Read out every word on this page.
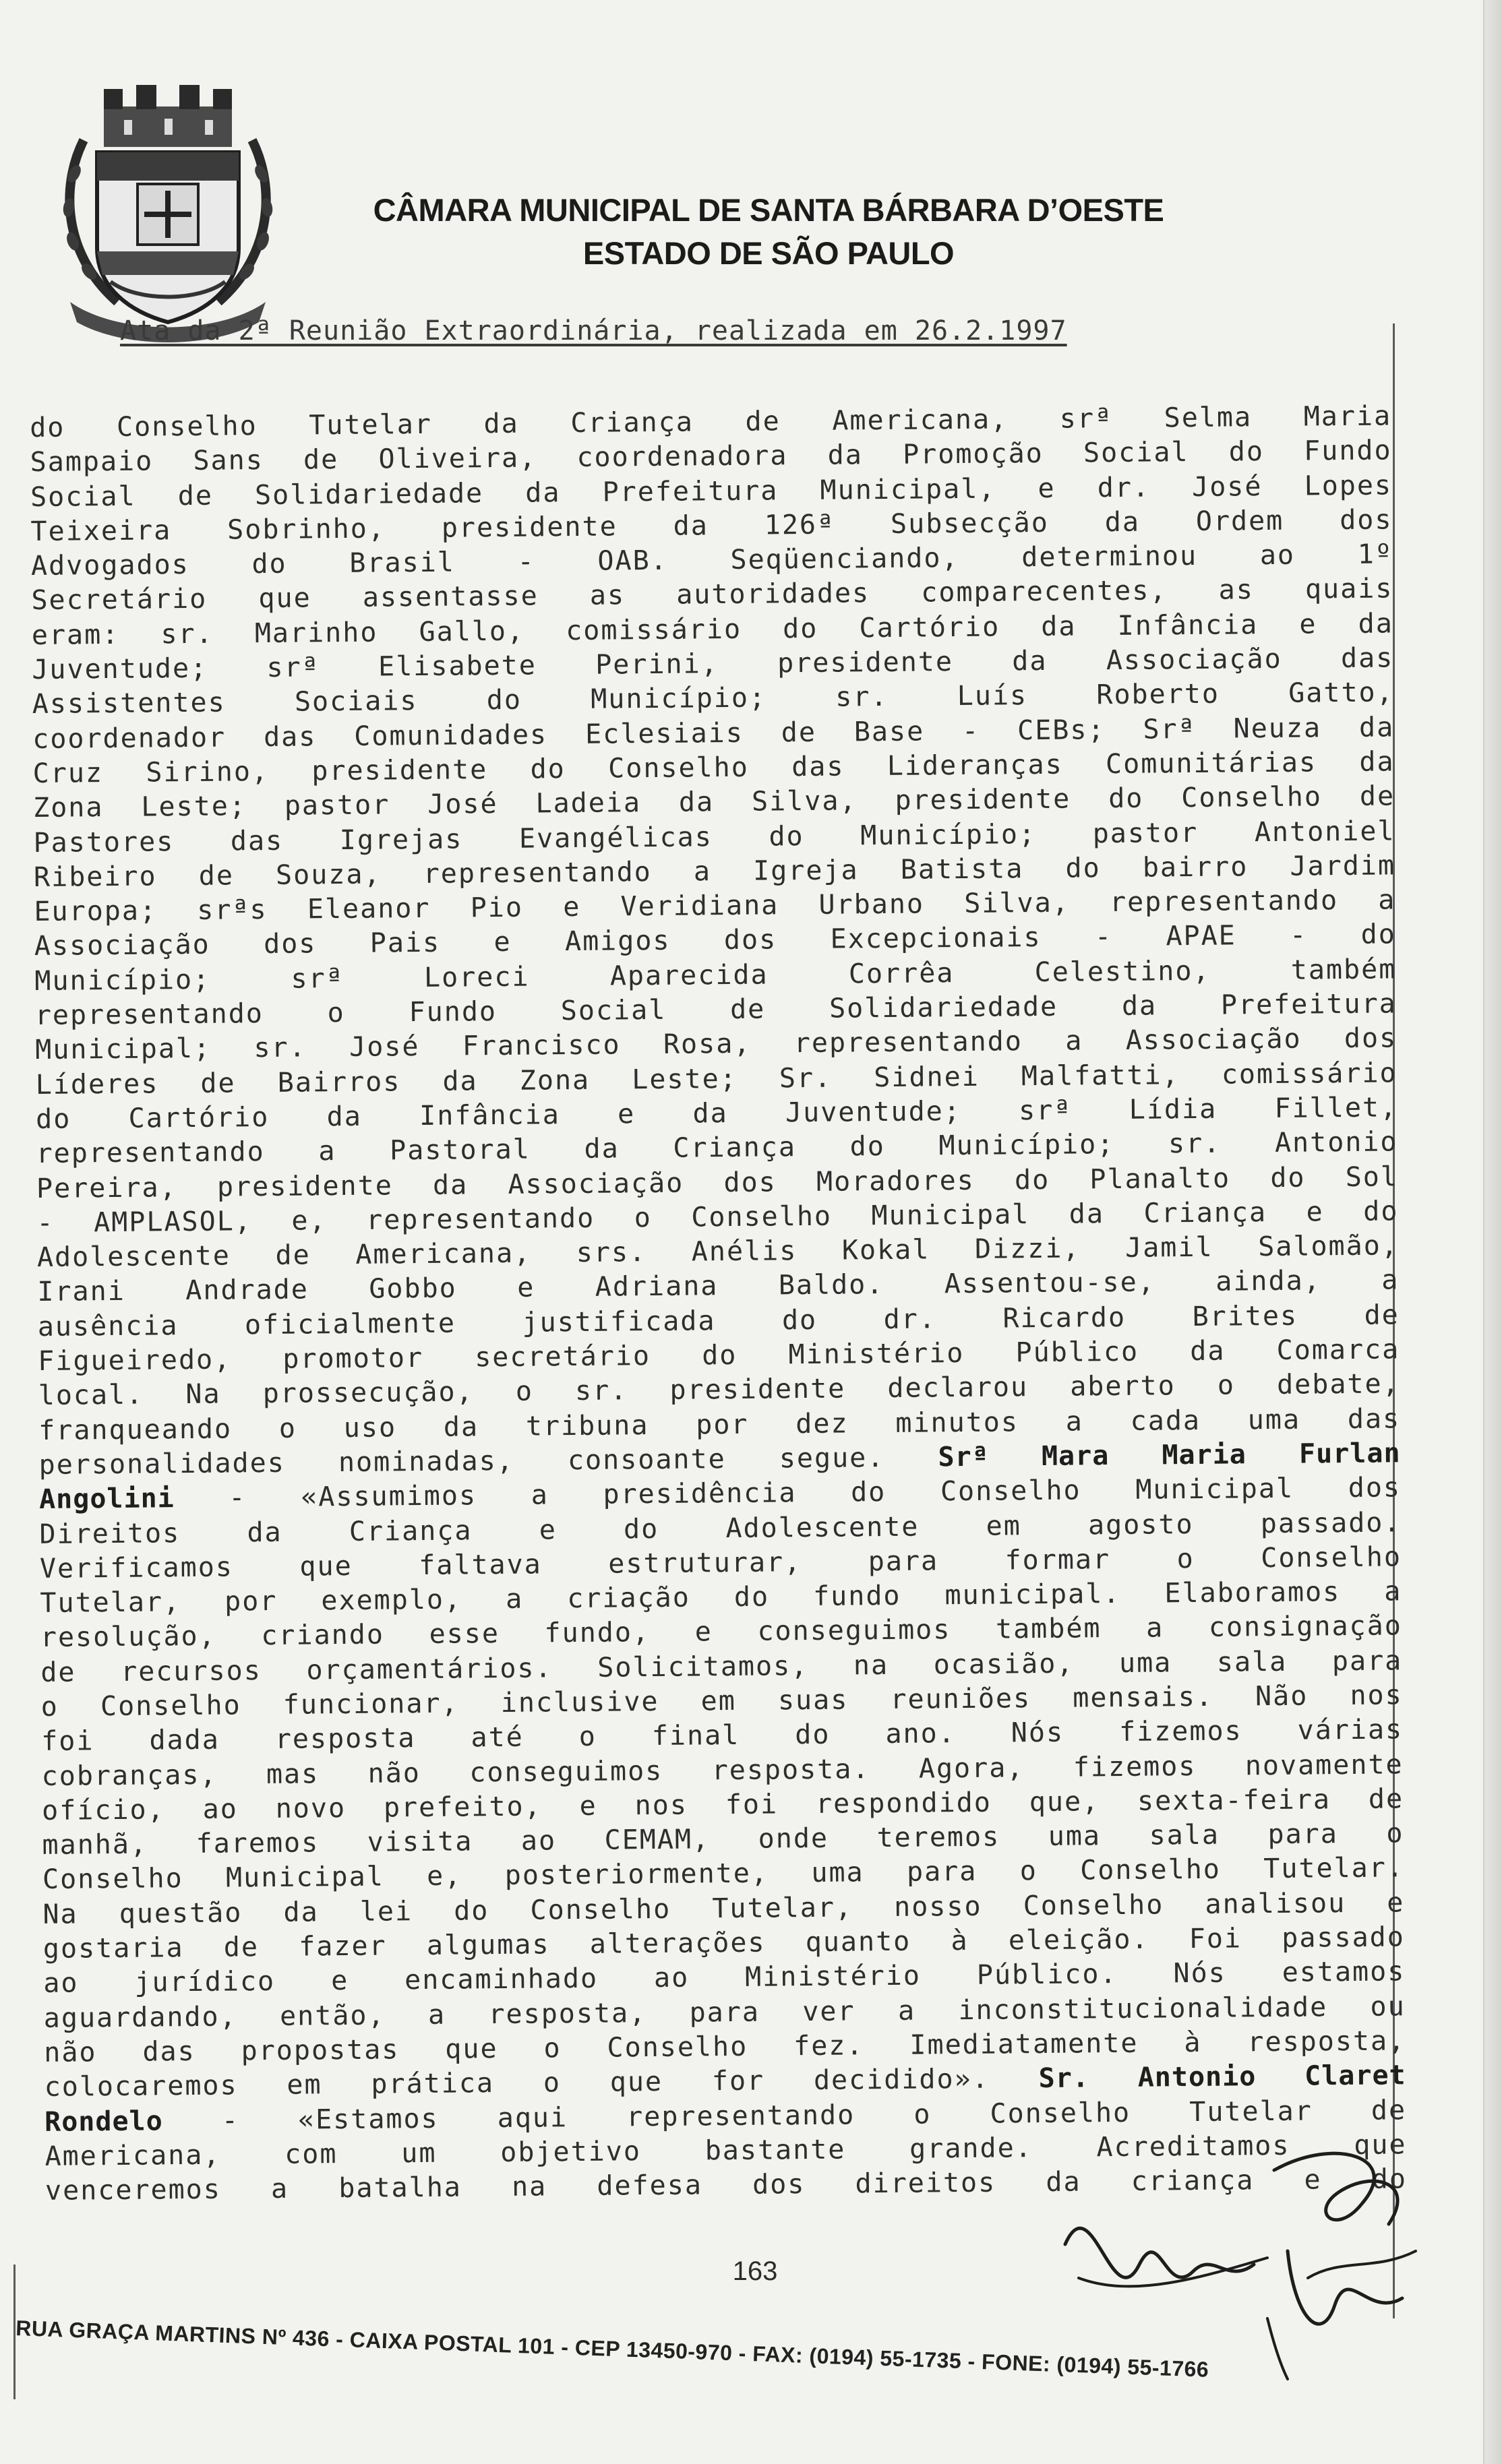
CÂMARA MUNICIPAL DE SANTA BÁRBARA D’OESTE
ESTADO DE SÃO PAULO
Ata da 2ª Reunião Extraordinária, realizada em 26.2.1997
do Conselho Tutelar da Criança de Americana, srª Selma Maria
Sampaio Sans de Oliveira, coordenadora da Promoção Social do Fundo
Social de Solidariedade da Prefeitura Municipal, e dr. José Lopes
Teixeira Sobrinho, presidente da 126ª Subsecção da Ordem dos
Advogados do Brasil - OAB. Seqüenciando, determinou ao 1º
Secretário que assentasse as autoridades comparecentes, as quais
eram: sr. Marinho Gallo, comissário do Cartório da Infância e da
Juventude; srª Elisabete Perini, presidente da Associação das
Assistentes Sociais do Município; sr. Luís Roberto Gatto,
coordenador das Comunidades Eclesiais de Base - CEBs; Srª Neuza da
Cruz Sirino, presidente do Conselho das Lideranças Comunitárias da
Zona Leste; pastor José Ladeia da Silva, presidente do Conselho de
Pastores das Igrejas Evangélicas do Município; pastor Antoniel
Ribeiro de Souza, representando a Igreja Batista do bairro Jardim
Europa; srªs Eleanor Pio e Veridiana Urbano Silva, representando a
Associação dos Pais e Amigos dos Excepcionais - APAE - do
Município; srª Loreci Aparecida Corrêa Celestino, também
representando o Fundo Social de Solidariedade da Prefeitura
Municipal; sr. José Francisco Rosa, representando a Associação dos
Líderes de Bairros da Zona Leste; Sr. Sidnei Malfatti, comissário
do Cartório da Infância e da Juventude; srª Lídia Fillet,
representando a Pastoral da Criança do Município; sr. Antonio
Pereira, presidente da Associação dos Moradores do Planalto do Sol
- AMPLASOL, e, representando o Conselho Municipal da Criança e do
Adolescente de Americana, srs. Anélis Kokal Dizzi, Jamil Salomão,
Irani Andrade Gobbo e Adriana Baldo. Assentou-se, ainda, a
ausência oficialmente justificada do dr. Ricardo Brites de
Figueiredo, promotor secretário do Ministério Público da Comarca
local. Na prossecução, o sr. presidente declarou aberto o debate,
franqueando o uso da tribuna por dez minutos a cada uma das
personalidades nominadas, consoante segue. Srª Mara Maria Furlan
Angolini - «Assumimos a presidência do Conselho Municipal dos
Direitos da Criança e do Adolescente em agosto passado.
Verificamos que faltava estruturar, para formar o Conselho
Tutelar, por exemplo, a criação do fundo municipal. Elaboramos a
resolução, criando esse fundo, e conseguimos também a consignação
de recursos orçamentários. Solicitamos, na ocasião, uma sala para
o Conselho funcionar, inclusive em suas reuniões mensais. Não nos
foi dada resposta até o final do ano. Nós fizemos várias
cobranças, mas não conseguimos resposta. Agora, fizemos novamente
ofício, ao novo prefeito, e nos foi respondido que, sexta-feira de
manhã, faremos visita ao CEMAM, onde teremos uma sala para o
Conselho Municipal e, posteriormente, uma para o Conselho Tutelar.
Na questão da lei do Conselho Tutelar, nosso Conselho analisou e
gostaria de fazer algumas alterações quanto à eleição. Foi passado
ao jurídico e encaminhado ao Ministério Público. Nós estamos
aguardando, então, a resposta, para ver a inconstitucionalidade ou
não das propostas que o Conselho fez. Imediatamente à resposta,
colocaremos em prática o que for decidido». Sr. Antonio Claret
Rondelo - «Estamos aqui representando o Conselho Tutelar de
Americana, com um objetivo bastante grande. Acreditamos que
venceremos a batalha na defesa dos direitos da criança e do
163
RUA GRAÇA MARTINS Nº 436 - CAIXA POSTAL 101 - CEP 13450-970 - FAX: (0194) 55-1735 - FONE: (0194) 55-1766
